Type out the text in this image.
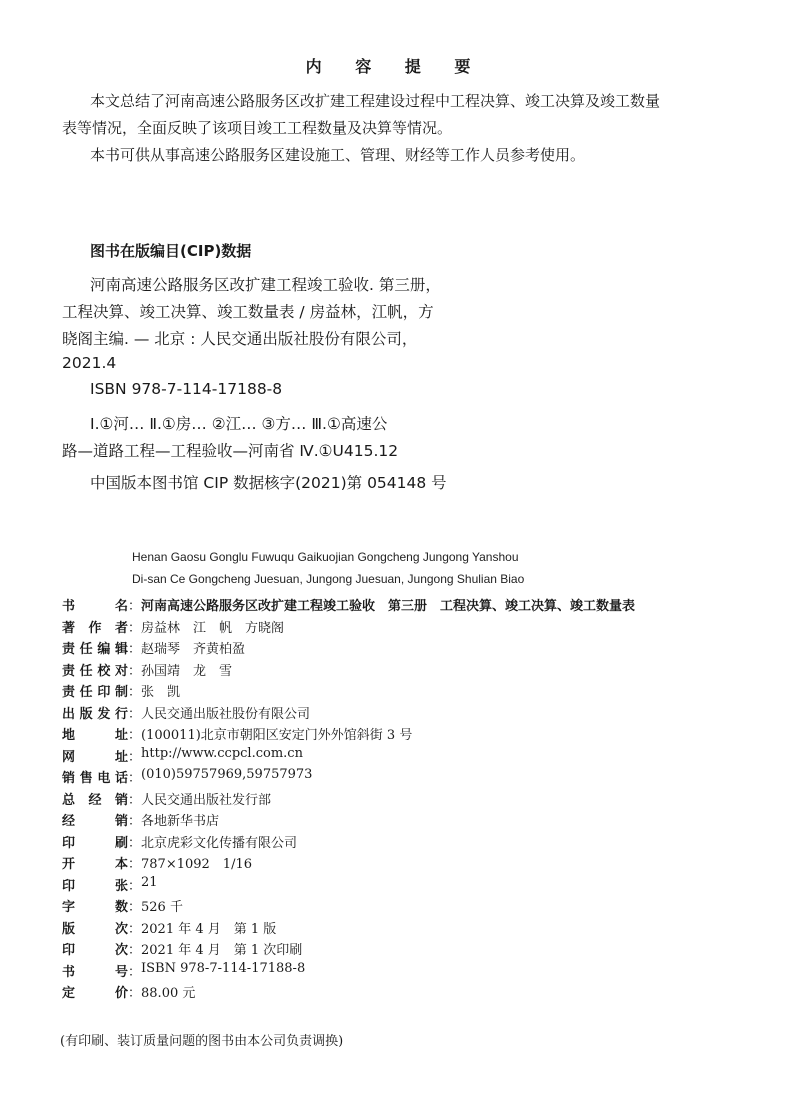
内 容 提 要
本文总结了河南高速公路服务区改扩建工程建设过程中工程决算、竣工决算及竣工数量
表等情况，全面反映了该项目竣工工程数量及决算等情况。
本书可供从事高速公路服务区建设施工、管理、财经等工作人员参考使用。
图书在版编目(CIP)数据
河南高速公路服务区改扩建工程竣工验收. 第三册，
工程决算、竣工决算、竣工数量表 / 房益林，江帆，方
晓阁主编. — 北京 : 人民交通出版社股份有限公司，
2021.4
ISBN 978-7-114-17188-8
Ⅰ.①河… Ⅱ.①房… ②江… ③方… Ⅲ.①高速公
路—道路工程—工程验收—河南省 Ⅳ.①U415.12
中国版本图书馆 CIP 数据核字(2021)第 054148 号
Henan Gaosu Gonglu Fuwuqu Gaikuojian Gongcheng Jungong Yanshou
Di-san Ce Gongcheng Juesuan, Jungong Juesuan, Jungong Shulian Biao
书	名 ： 河南高速公路服务区改扩建工程竣工验收　第三册　工程决算、竣工决算、竣工数量表
著 作 者 ： 房益林　江　帆　方晓阁
责 任 编 辑 ： 赵瑞琴　齐黄柏盈
责 任 校 对 ： 孙国靖　龙　雪
责 任 印 制 ： 张　凯
出 版 发 行 ： 人民交通出版社股份有限公司
地	址 ： (100011)北京市朝阳区安定门外外馆斜街 3 号
网	址 ： http://www.ccpcl.com.cn
销 售 电 话 ： (010)59757969,59757973
总 经 销 ： 人民交通出版社发行部
经	销 ： 各地新华书店
印	刷 ： 北京虎彩文化传播有限公司
开	本 ： 787×1092　1/16
印	张 ： 21
字	数 ： 526 千
版	次 ： 2021 年 4 月　第 1 版
印	次 ： 2021 年 4 月　第 1 次印刷
书	号 ： ISBN 978-7-114-17188-8
定	价 ： 88.00 元
(有印刷、装订质量问题的图书由本公司负责调换)
